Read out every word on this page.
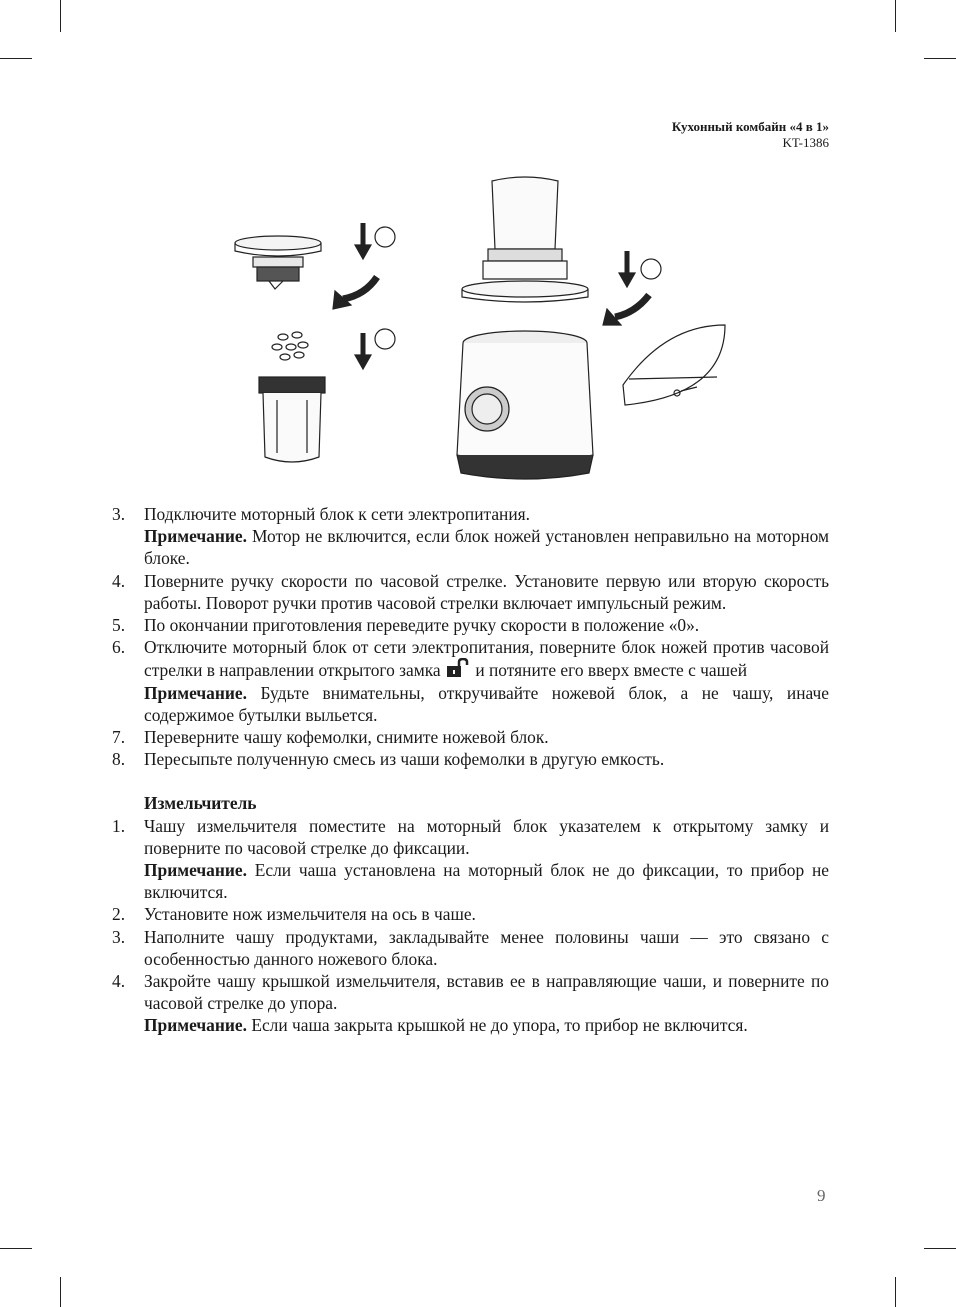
Кухонный комбайн «4 в 1»
KT-1386
3. Подключите моторный блок к сети электропитания.
Примечание. Мотор не включится, если блок ножей установлен неправильно на моторном блоке.
4. Поверните ручку скорости по часовой стрелке. Установите первую или вторую скорость работы. Поворот ручки против часовой стрелки включает импульсный режим.
5. По окончании приготовления переведите ручку скорости в положение «0».
6. Отключите моторный блок от сети электропитания, поверните блок ножей против часовой стрелки в направлении открытого замка  и потяните его вверх вместе с чашей
Примечание. Будьте внимательны, откручивайте ножевой блок, а не чашу, иначе содержимое бутылки выльется.
7. Переверните чашу кофемолки, снимите ножевой блок.
8. Пересыпьте полученную смесь из чаши кофемолки в другую емкость.
Измельчитель
1. Чашу измельчителя поместите на моторный блок указателем к открытому замку и поверните по часовой стрелке до фиксации.
Примечание. Если чаша установлена на моторный блок не до фиксации, то прибор не включится.
2. Установите нож измельчителя на ось в чаше.
3. Наполните чашу продуктами, закладывайте менее половины чаши — это связано с особенностью данного ножевого блока.
4. Закройте чашу крышкой измельчителя, вставив ее в направляющие чаши, и поверните по часовой стрелке до упора.
Примечание. Если чаша закрыта крышкой не до упора, то прибор не включится.
9
